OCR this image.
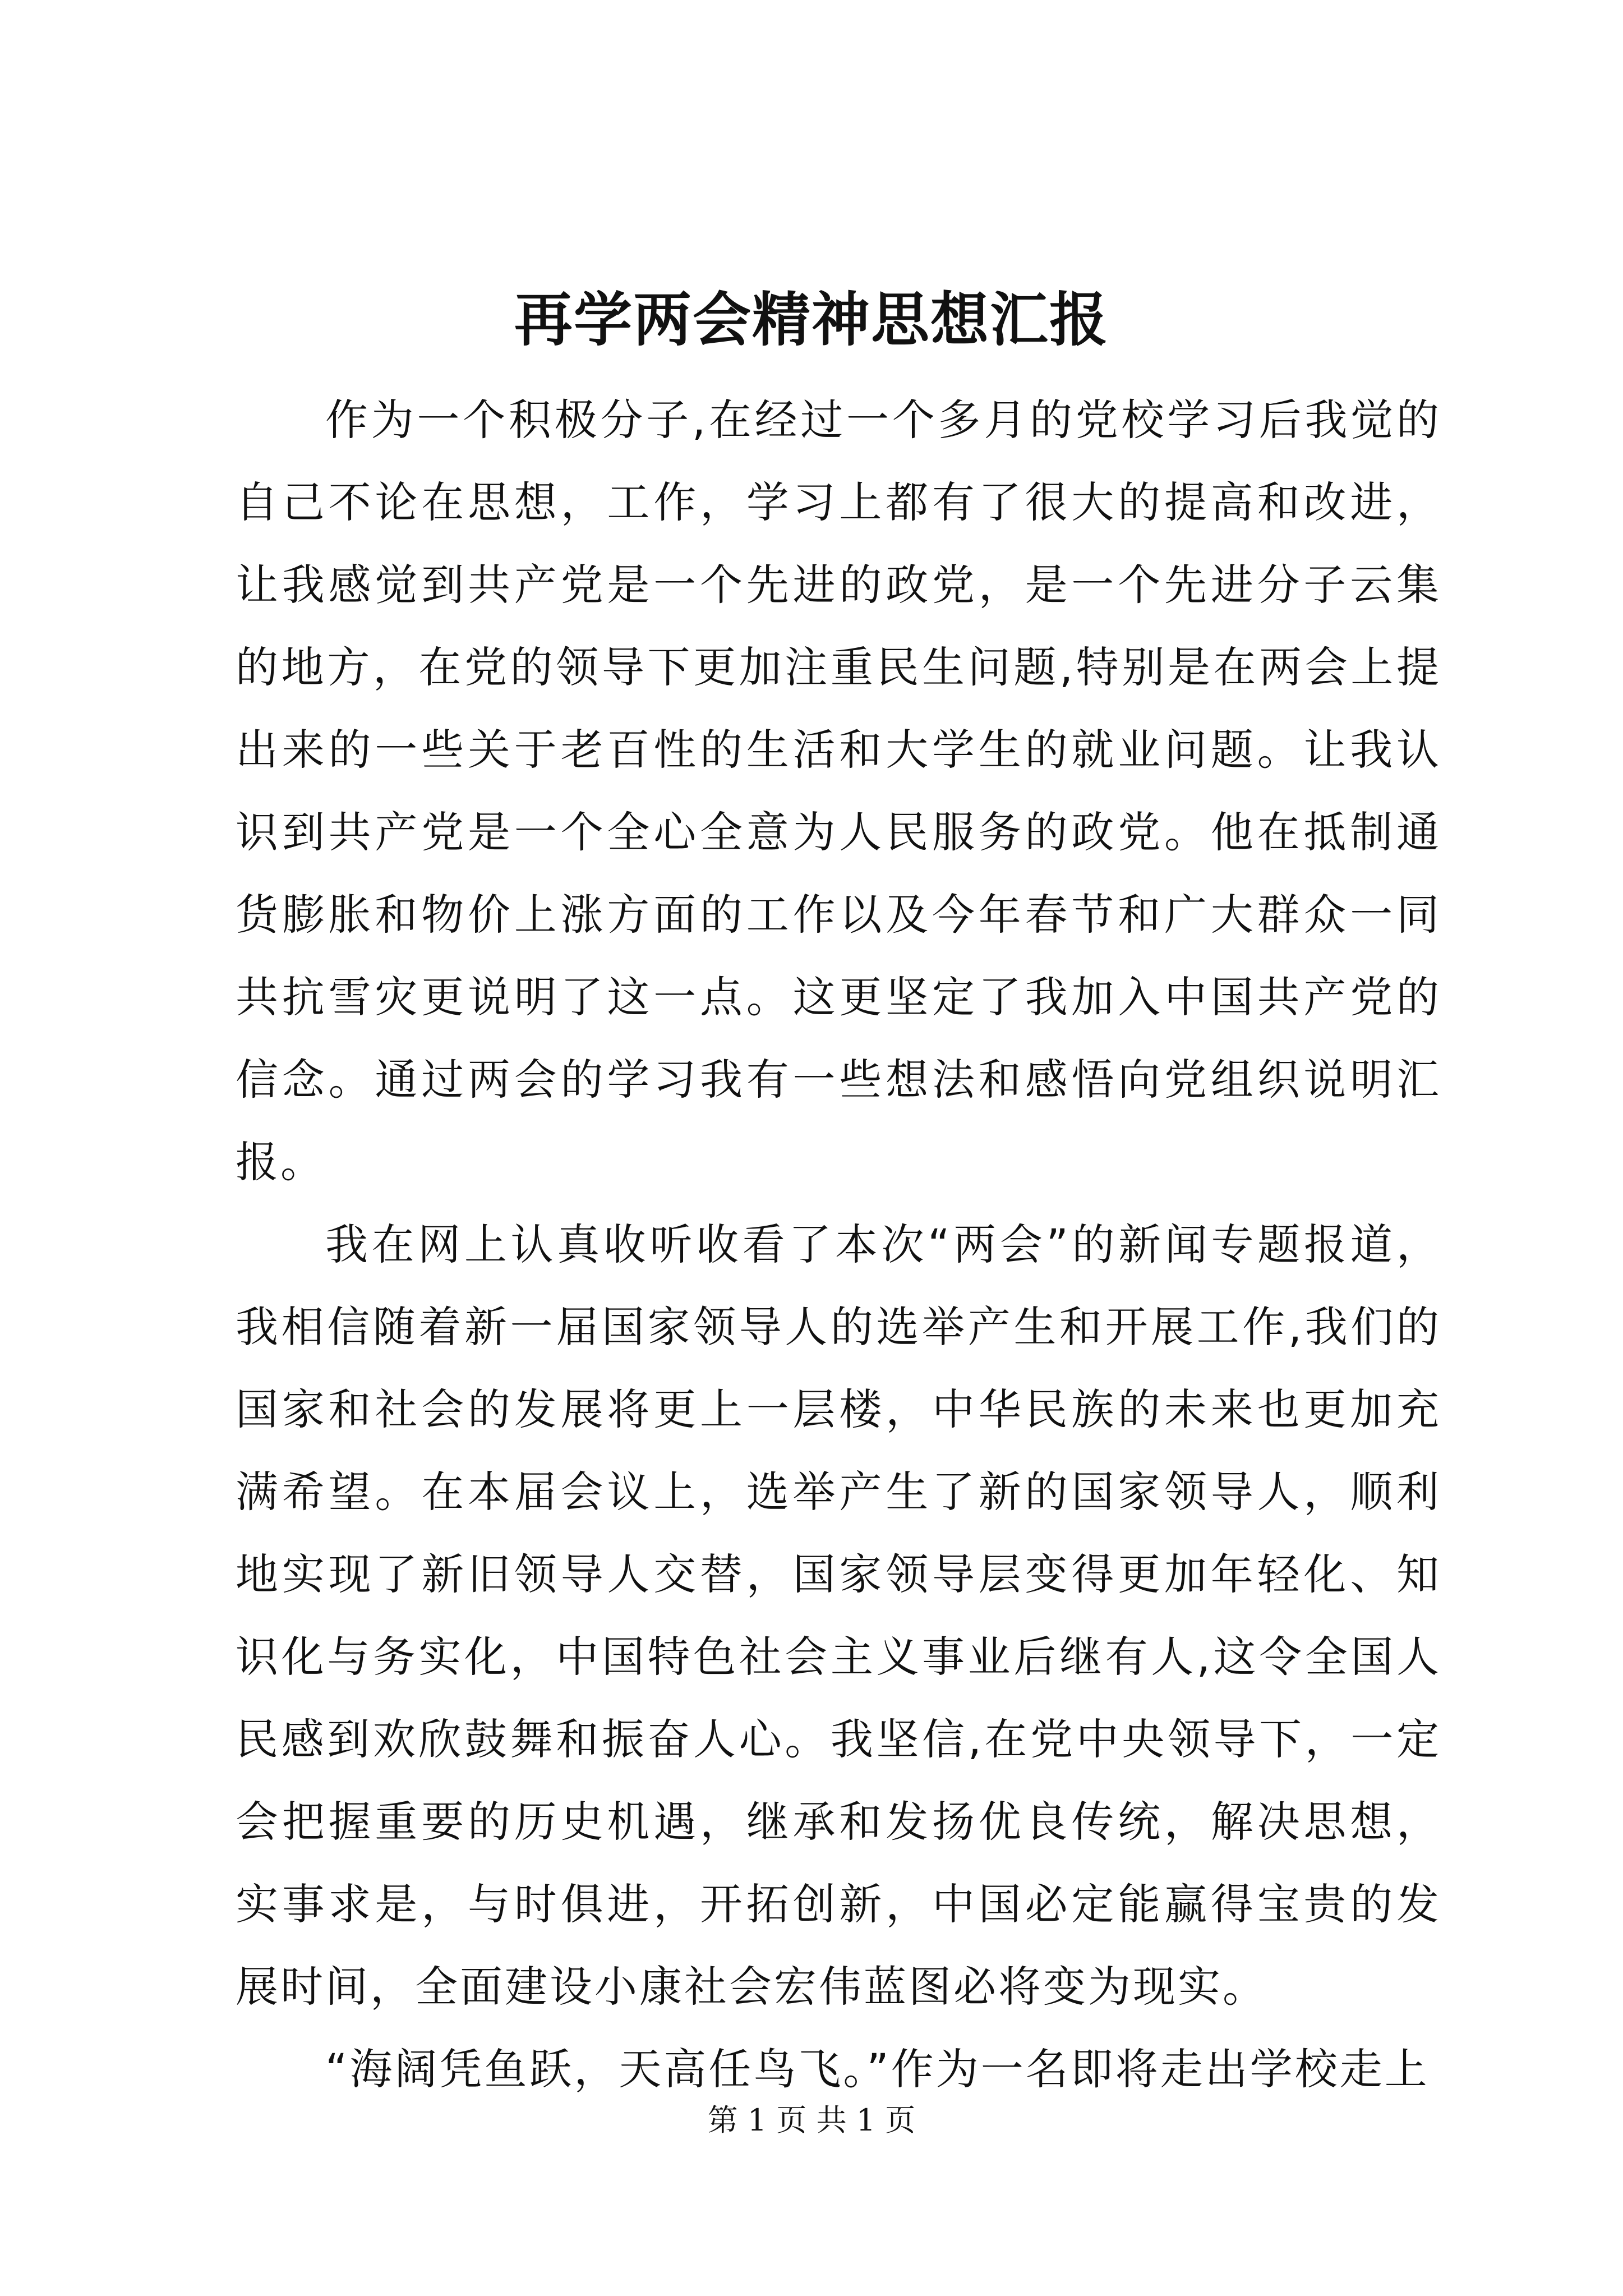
再学两会精神思想汇报

作为一个积极分子,在经过一个多月的党校学习后我觉的自己不论在思想，工作，学习上都有了很大的提高和改进，让我感觉到共产党是一个先进的政党，是一个先进分子云集的地方，在党的领导下更加注重民生问题,特别是在两会上提出来的一些关于老百性的生活和大学生的就业问题。让我认识到共产党是一个全心全意为人民服务的政党。他在抵制通货膨胀和物价上涨方面的工作以及今年春节和广大群众一同共抗雪灾更说明了这一点。这更坚定了我加入中国共产党的信念。通过两会的学习我有一些想法和感悟向党组织说明汇报。

我在网上认真收听收看了本次“两会”的新闻专题报道，我相信随着新一届国家领导人的选举产生和开展工作,我们的国家和社会的发展将更上一层楼，中华民族的未来也更加充满希望。在本届会议上，选举产生了新的国家领导人，顺利地实现了新旧领导人交替，国家领导层变得更加年轻化、知识化与务实化，中国特色社会主义事业后继有人,这令全国人民感到欢欣鼓舞和振奋人心。我坚信,在党中央领导下，一定会把握重要的历史机遇，继承和发扬优良传统，解决思想，实事求是，与时俱进，开拓创新，中国必定能赢得宝贵的发展时间，全面建设小康社会宏伟蓝图必将变为现实。

“海阔凭鱼跃，天高任鸟飞。”作为一名即将走出学校走上

第 1 页 共 1 页
